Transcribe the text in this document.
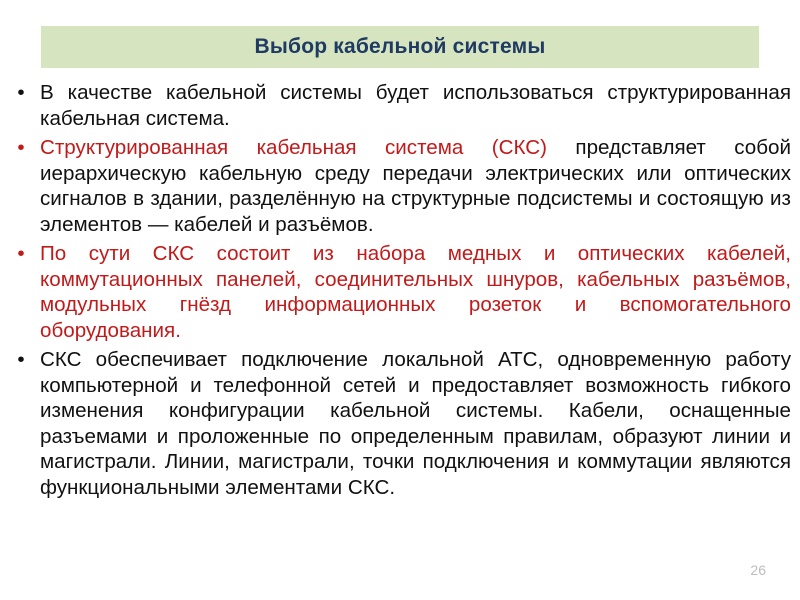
Выбор кабельной системы
• В качестве кабельной системы будет использоваться структурированная кабельная система.
• Структурированная кабельная система (СКС) представляет собой иерархическую кабельную среду передачи электрических или оптических сигналов в здании, разделённую на структурные подсистемы и состоящую из элементов — кабелей и разъёмов.
• По сути СКС состоит из набора медных и оптических кабелей, коммутационных панелей, соединительных шнуров, кабельных разъёмов, модульных гнёзд информационных розеток и вспомогательного оборудования.
• СКС обеспечивает подключение локальной АТС, одновременную работу компьютерной и телефонной сетей и предоставляет возможность гибкого изменения конфигурации кабельной системы. Кабели, оснащенные разъемами и проложенные по определенным правилам, образуют линии и магистрали. Линии, магистрали, точки подключения и коммутации являются функциональными элементами СКС.
26
